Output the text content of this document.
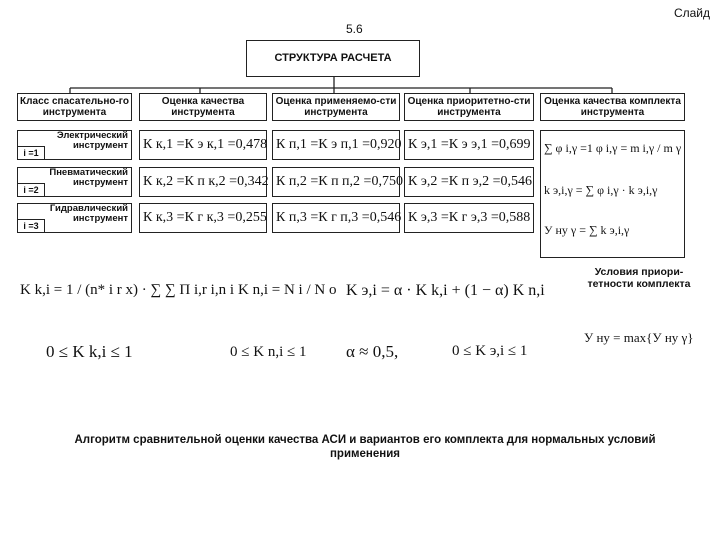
Слайд
5.6
СТРУКТУРА РАСЧЕТА
Класс спасательно-го инструмента
Оценка качества инструмента
Оценка применяемо-сти инструмента
Оценка приоритетно-сти инструмента
Оценка качества комплекта инструмента
Электрический инструмент
i =1
К к,1 =К э к,1 =0,478 К п,1 =К э п,1 =0,920 К э,1 =К э э,1 =0,699
Пневматический инструмент
i =2
К к,2 =К п к,2 =0,342 К п,2 =К п п,2 =0,750 К э,2 =К п э,2 =0,546
Гидравлический инструмент
i =3
К к,3 =К г к,3 =0,255 К п,3 =К г п,3 =0,546 К э,3 =К г э,3 =0,588
∑ φ i,γ =1 φ i,γ = m i,γ / m γ
k э,i,γ = ∑ φ i,γ · k э,i,γ
У ну γ = ∑ k э,i,γ
K k,i = 1 / (n* i r x) · ∑ ∑ П i,r i,n i K n,i = N i / N o K э,i = α · K k,i + (1 − α) K n,i
Условия приори-тетности комплекта
У ну = max{У ну γ}
0 ≤ K k,i ≤ 1	0 ≤ K n,i ≤ 1 α ≈ 0,5,	0 ≤ K э,i ≤ 1
Алгоритм сравнительной оценки качества АСИ и вариантов его комплекта для нормальных условий применения
